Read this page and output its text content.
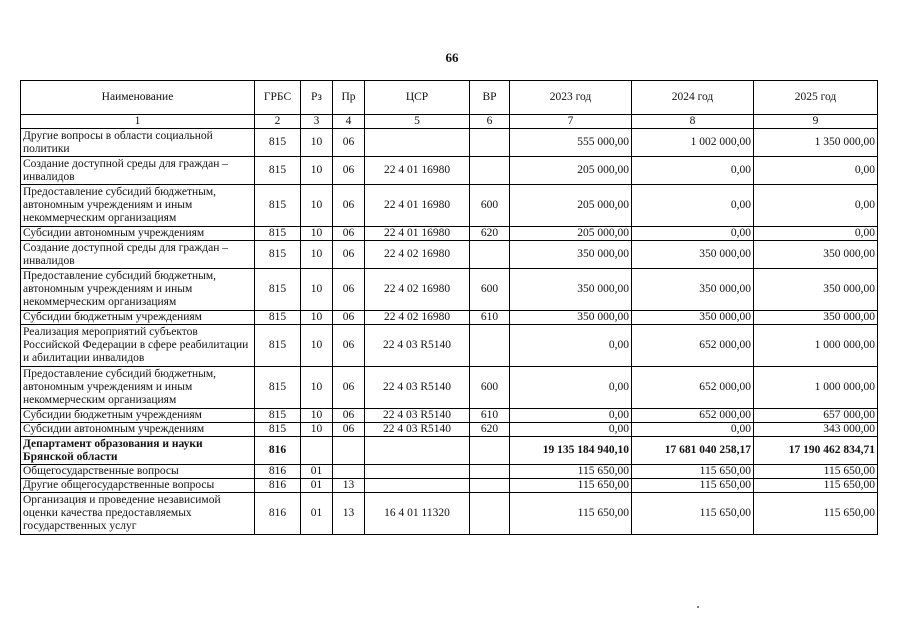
66
Наименование	ГРБС	Рз	Пр	ЦСР	ВР	2023 год	2024 год	2025 год
1	2	3	4	5	6	7	8	9
Другие вопросы в области социальной политики	815	10	06			555 000,00	1 002 000,00	1 350 000,00
Создание доступной среды для граждан – инвалидов	815	10	06	22 4 01 16980		205 000,00	0,00	0,00
Предоставление субсидий бюджетным, автономным учреждениям и иным некоммерческим организациям	815	10	06	22 4 01 16980	600	205 000,00	0,00	0,00
Субсидии автономным учреждениям	815	10	06	22 4 01 16980	620	205 000,00	0,00	0,00
Создание доступной среды для граждан – инвалидов	815	10	06	22 4 02 16980		350 000,00	350 000,00	350 000,00
Предоставление субсидий бюджетным, автономным учреждениям и иным некоммерческим организациям	815	10	06	22 4 02 16980	600	350 000,00	350 000,00	350 000,00
Субсидии бюджетным учреждениям	815	10	06	22 4 02 16980	610	350 000,00	350 000,00	350 000,00
Реализация мероприятий субъектов Российской Федерации в сфере реабилитации и абилитации инвалидов	815	10	06	22 4 03 R5140		0,00	652 000,00	1 000 000,00
Предоставление субсидий бюджетным, автономным учреждениям и иным некоммерческим организациям	815	10	06	22 4 03 R5140	600	0,00	652 000,00	1 000 000,00
Субсидии бюджетным учреждениям	815	10	06	22 4 03 R5140	610	0,00	652 000,00	657 000,00
Субсидии автономным учреждениям	815	10	06	22 4 03 R5140	620	0,00	0,00	343 000,00
Департамент образования и науки Брянской области	816					19 135 184 940,10	17 681 040 258,17	17 190 462 834,71
Общегосударственные вопросы	816	01				115 650,00	115 650,00	115 650,00
Другие общегосударственные вопросы	816	01	13			115 650,00	115 650,00	115 650,00
Организация и проведение независимой оценки качества предоставляемых государственных услуг	816	01	13	16 4 01 11320		115 650,00	115 650,00	115 650,00
